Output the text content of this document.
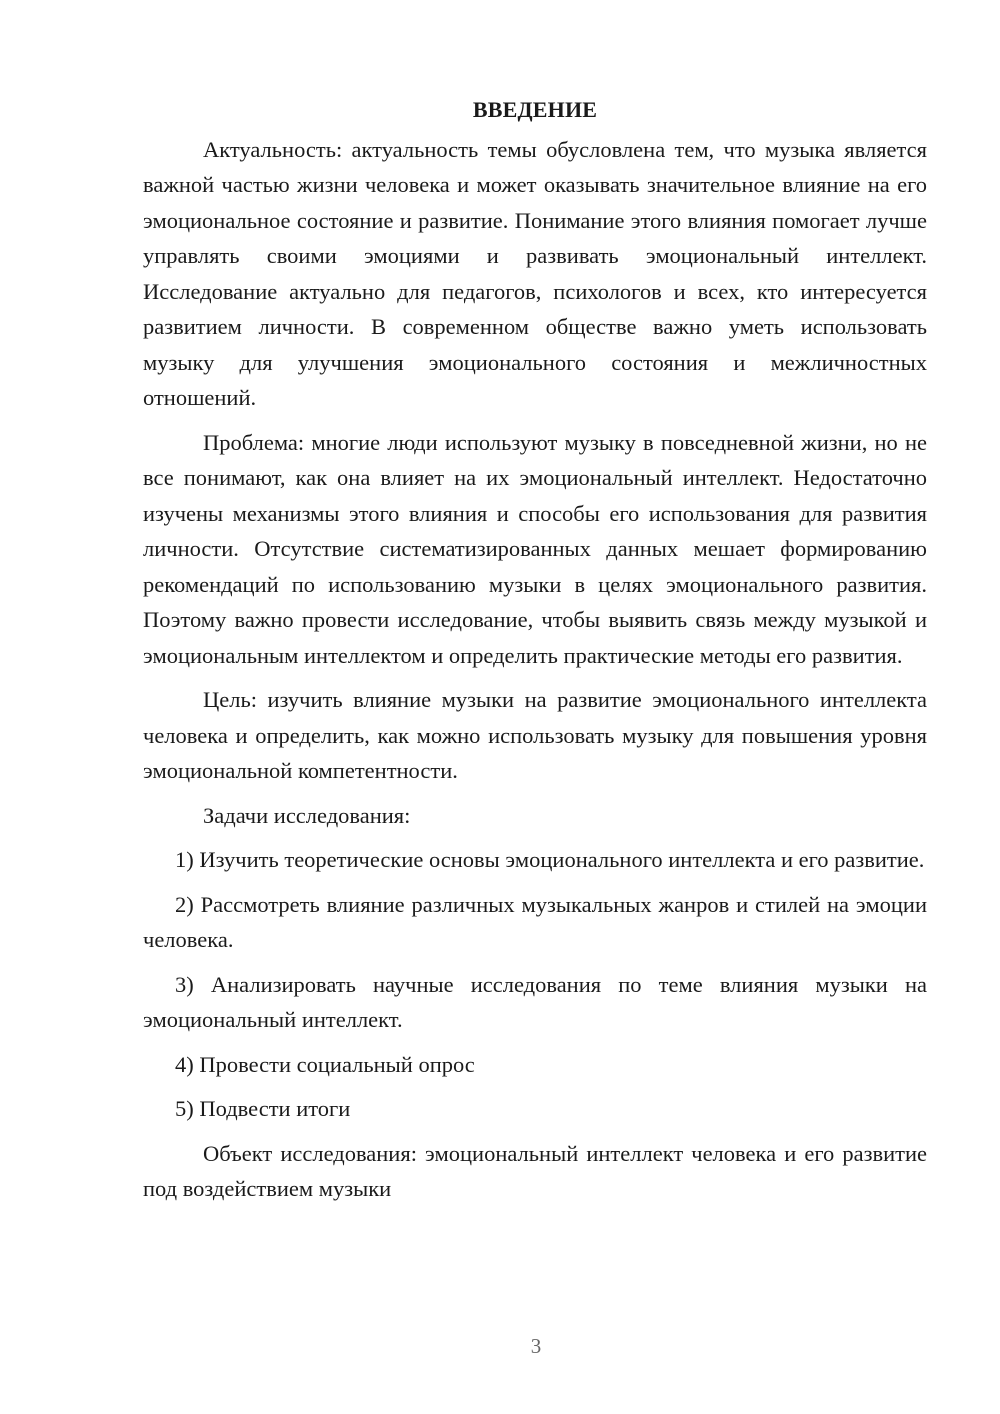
ВВЕДЕНИЕ

Актуальность: актуальность темы обусловлена тем, что музыка является важной частью жизни человека и может оказывать значительное влияние на его эмоциональное состояние и развитие. Понимание этого влияния помогает лучше управлять своими эмоциями и развивать эмоциональный интеллект. Исследование актуально для педагогов, психологов и всех, кто интересуется развитием личности. В современном обществе важно уметь использовать музыку для улучшения эмоционального состояния и межличностных отношений.

Проблема: многие люди используют музыку в повседневной жизни, но не все понимают, как она влияет на их эмоциональный интеллект. Недостаточно изучены механизмы этого влияния и способы его использования для развития личности. Отсутствие систематизированных данных мешает формированию рекомендаций по использованию музыки в целях эмоционального развития. Поэтому важно провести исследование, чтобы выявить связь между музыкой и эмоциональным интеллектом и определить практические методы его развития.

Цель: изучить влияние музыки на развитие эмоционального интеллекта человека и определить, как можно использовать музыку для повышения уровня эмоциональной компетентности.

Задачи исследования:

1) Изучить теоретические основы эмоционального интеллекта и его развитие.

2) Рассмотреть влияние различных музыкальных жанров и стилей на эмоции человека.

3) Анализировать научные исследования по теме влияния музыки на эмоциональный интеллект.

4) Провести социальный опрос

5) Подвести итоги

Объект исследования: эмоциональный интеллект человека и его развитие под воздействием музыки

3
